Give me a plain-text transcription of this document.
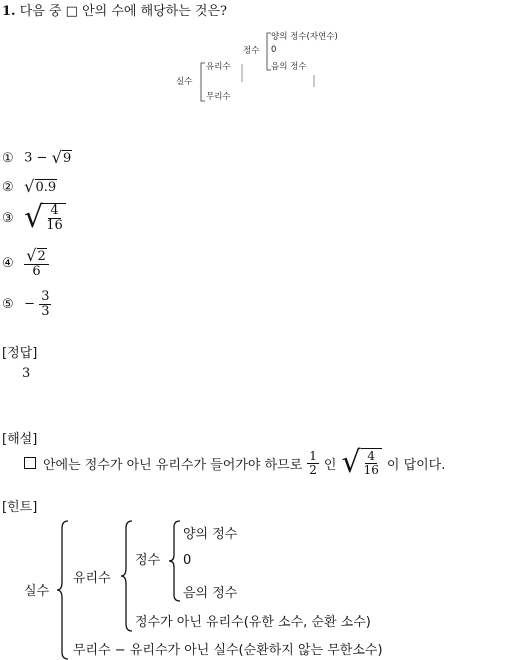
1. 다음 중 □ 안의 수에 해당하는 것은?
실수
유리수
정수
양의 정수(자연수)
0
음의 정수
무리수
① 3 − √ 9
② √ 0.9
③ √ $\frac{4}{16}$
④ $\frac{√ 2}{6}$
⑤ − $\frac{3}{3}$
[정답]
3
[해설]
안에는 정수가 아닌 유리수가 들어가야 하므로 $\frac{1}{2}$ 인 √ $\frac{4}{16}$ 이 답이다.
[힌트]
실수
유리수
정수
양의 정수
0
음의 정수
정수가 아닌 유리수(유한 소수, 순환 소수)
무리수 − 유리수가 아닌 실수(순환하지 않는 무한소수)
